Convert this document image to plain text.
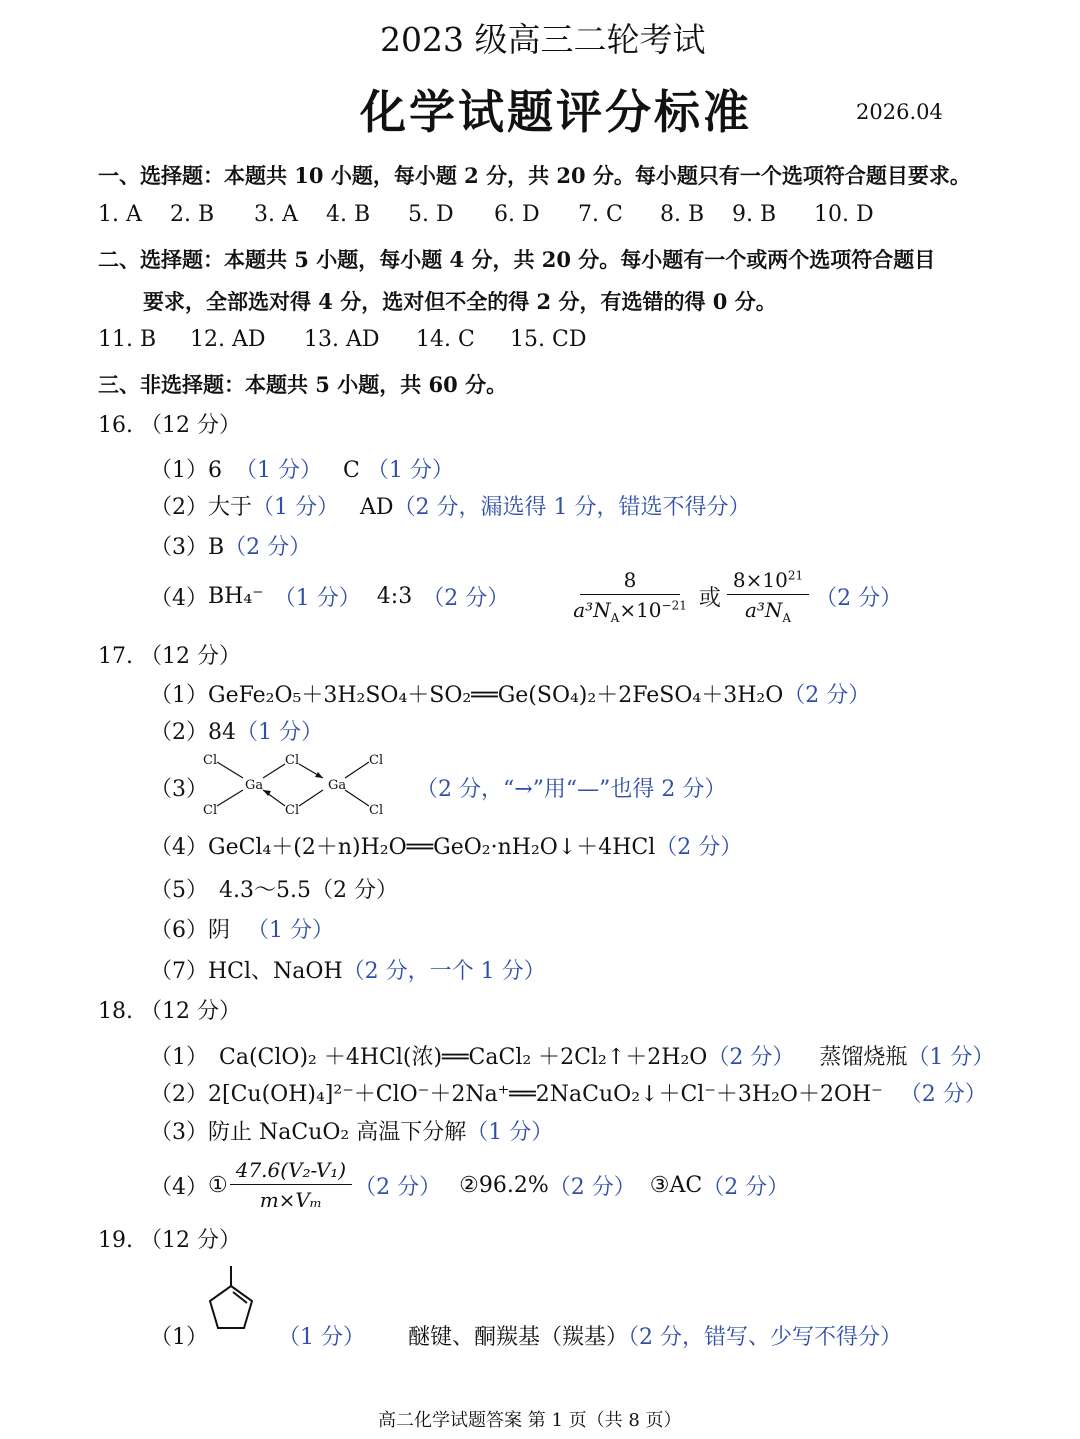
2023 级高三二轮考试
化学试题评分标准	2026.04
一、选择题：本题共 10 小题，每小题 2 分，共 20 分。每小题只有一个选项符合题目要求。
1. A 2. B 3. A 4. B 5. D 6. D 7. C 8. B 9. B 10. D
二、选择题：本题共 5 小题，每小题 4 分，共 20 分。每小题有一个或两个选项符合题目
要求，全部选对得 4 分，选对但不全的得 2 分，有选错的得 0 分。
11. B 12. AD 13. AD 14. C 15. CD
三、非选择题：本题共 5 小题，共 60 分。
16. （12 分）
（1）6 （1 分） C （1 分）
（2）大于（1 分） AD（2 分，漏选得 1 分，错选不得分）
（3）B（2 分）
（4） BH₄⁻ （1 分） 4:3 （2 分）	$\frac{8}{a^3N_A\times 10^{-21}}$ 或 $\frac{8\times 10^{21}}{a^3N_A} (2$ 分）
17. （12 分）
（1）GeFe₂O₅＋3H₂SO₄＋SO₂══Ge(SO₄)₂＋2FeSO₄＋3H₂O（2 分）
（2）84（1 分）
（3）
Cl
Cl
Ga
Cl
Cl
Ga
Cl
Cl
（2 分，“→”用“—”也得 2 分）
（4）GeCl₄＋(2＋n)H₂O══GeO₂·nH₂O↓＋4HCl（2 分）
（5） 4.3～5.5（2 分）
（6）阴 （1 分）
（7）HCl、NaOH（2 分，一个 1 分）
18. （12 分）
（1） Ca(ClO)₂ ＋4HCl(浓)══CaCl₂ ＋2Cl₂↑＋2H₂O（2 分） 蒸馏烧瓶（1 分）
（2）2[Cu(OH)₄]²⁻＋ClO⁻＋2Na⁺══2NaCuO₂↓＋Cl⁻＋3H₂O＋2OH⁻ （2 分）
（3）防止 NaCuO₂ 高温下分解（1 分）
（4） ① $\frac{\text{47.6(V₂-V₁)}}{\text{m×Vₘ}} (2$ 分） ②96.2% （2 分） ③AC （2 分）
19. （12 分）
（1）	（1 分） 醚键、酮羰基（羰基）（2 分，错写、少写不得分）
高二化学试题答案 第 1 页（共 8 页）
